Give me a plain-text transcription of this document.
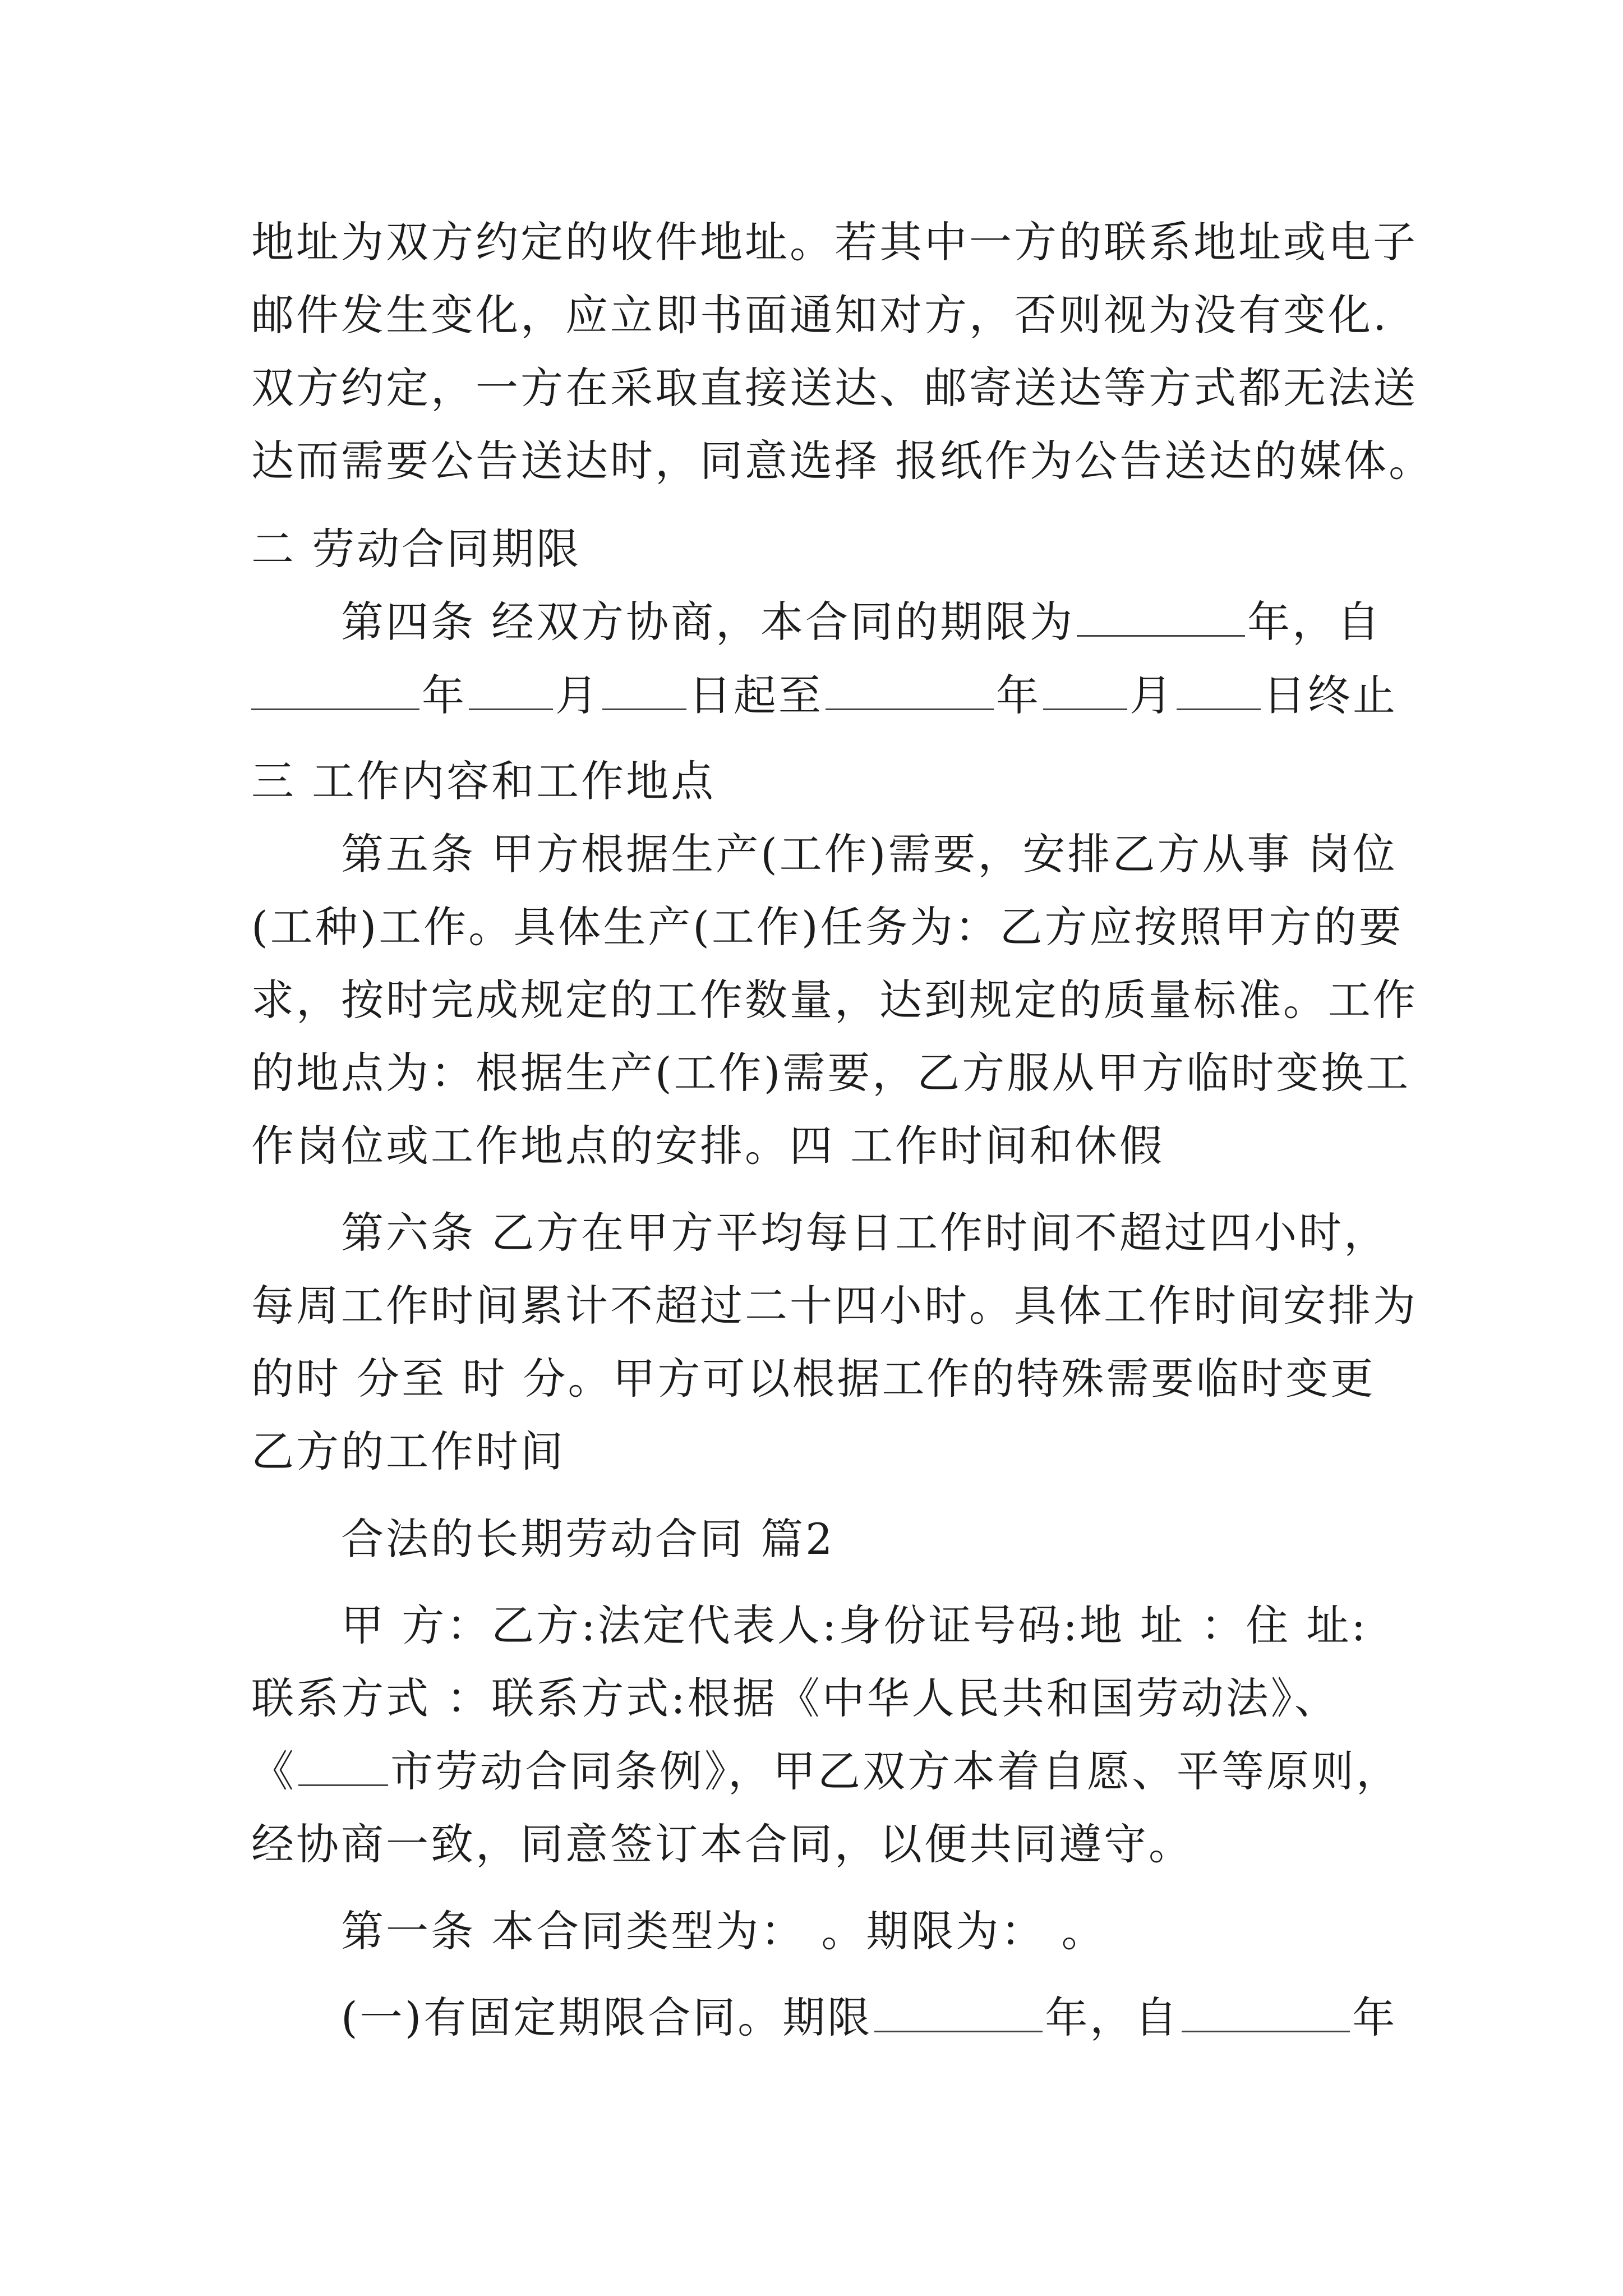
地址为双方约定的收件地址。若其中一方的联系地址或电子
邮件发生变化，应立即书面通知对方，否则视为没有变化.
双方约定，一方在采取直接送达、邮寄送达等方式都无法送
达而需要公告送达时，同意选择 报纸作为公告送达的媒体。
二 劳动合同期限
第四条 经双方协商，本合同的期限为	年，自
年 月 日起至	年 月 日终止
三 工作内容和工作地点
第五条 甲方根据生产(工作)需要，安排乙方从事 岗位
(工种)工作。具体生产(工作)任务为：乙方应按照甲方的要
求，按时完成规定的工作数量，达到规定的质量标准。工作
的地点为：根据生产(工作)需要，乙方服从甲方临时变换工
作岗位或工作地点的安排。四 工作时间和休假
第六条 乙方在甲方平均每日工作时间不超过四小时，
每周工作时间累计不超过二十四小时。具体工作时间安排为
的时 分至 时 分。甲方可以根据工作的特殊需要临时变更
乙方的工作时间
合法的长期劳动合同 篇2
甲 方：乙方:法定代表人:身份证号码:地 址 ：住 址:
联系方式 ：联系方式:根据《中华人民共和国劳动法》、
《 市劳动合同条例》，甲乙双方本着自愿、平等原则，
经协商一致，同意签订本合同，以便共同遵守。
第一条 本合同类型为： 。期限为： 。
(一)有固定期限合同。期限	年，自	年
